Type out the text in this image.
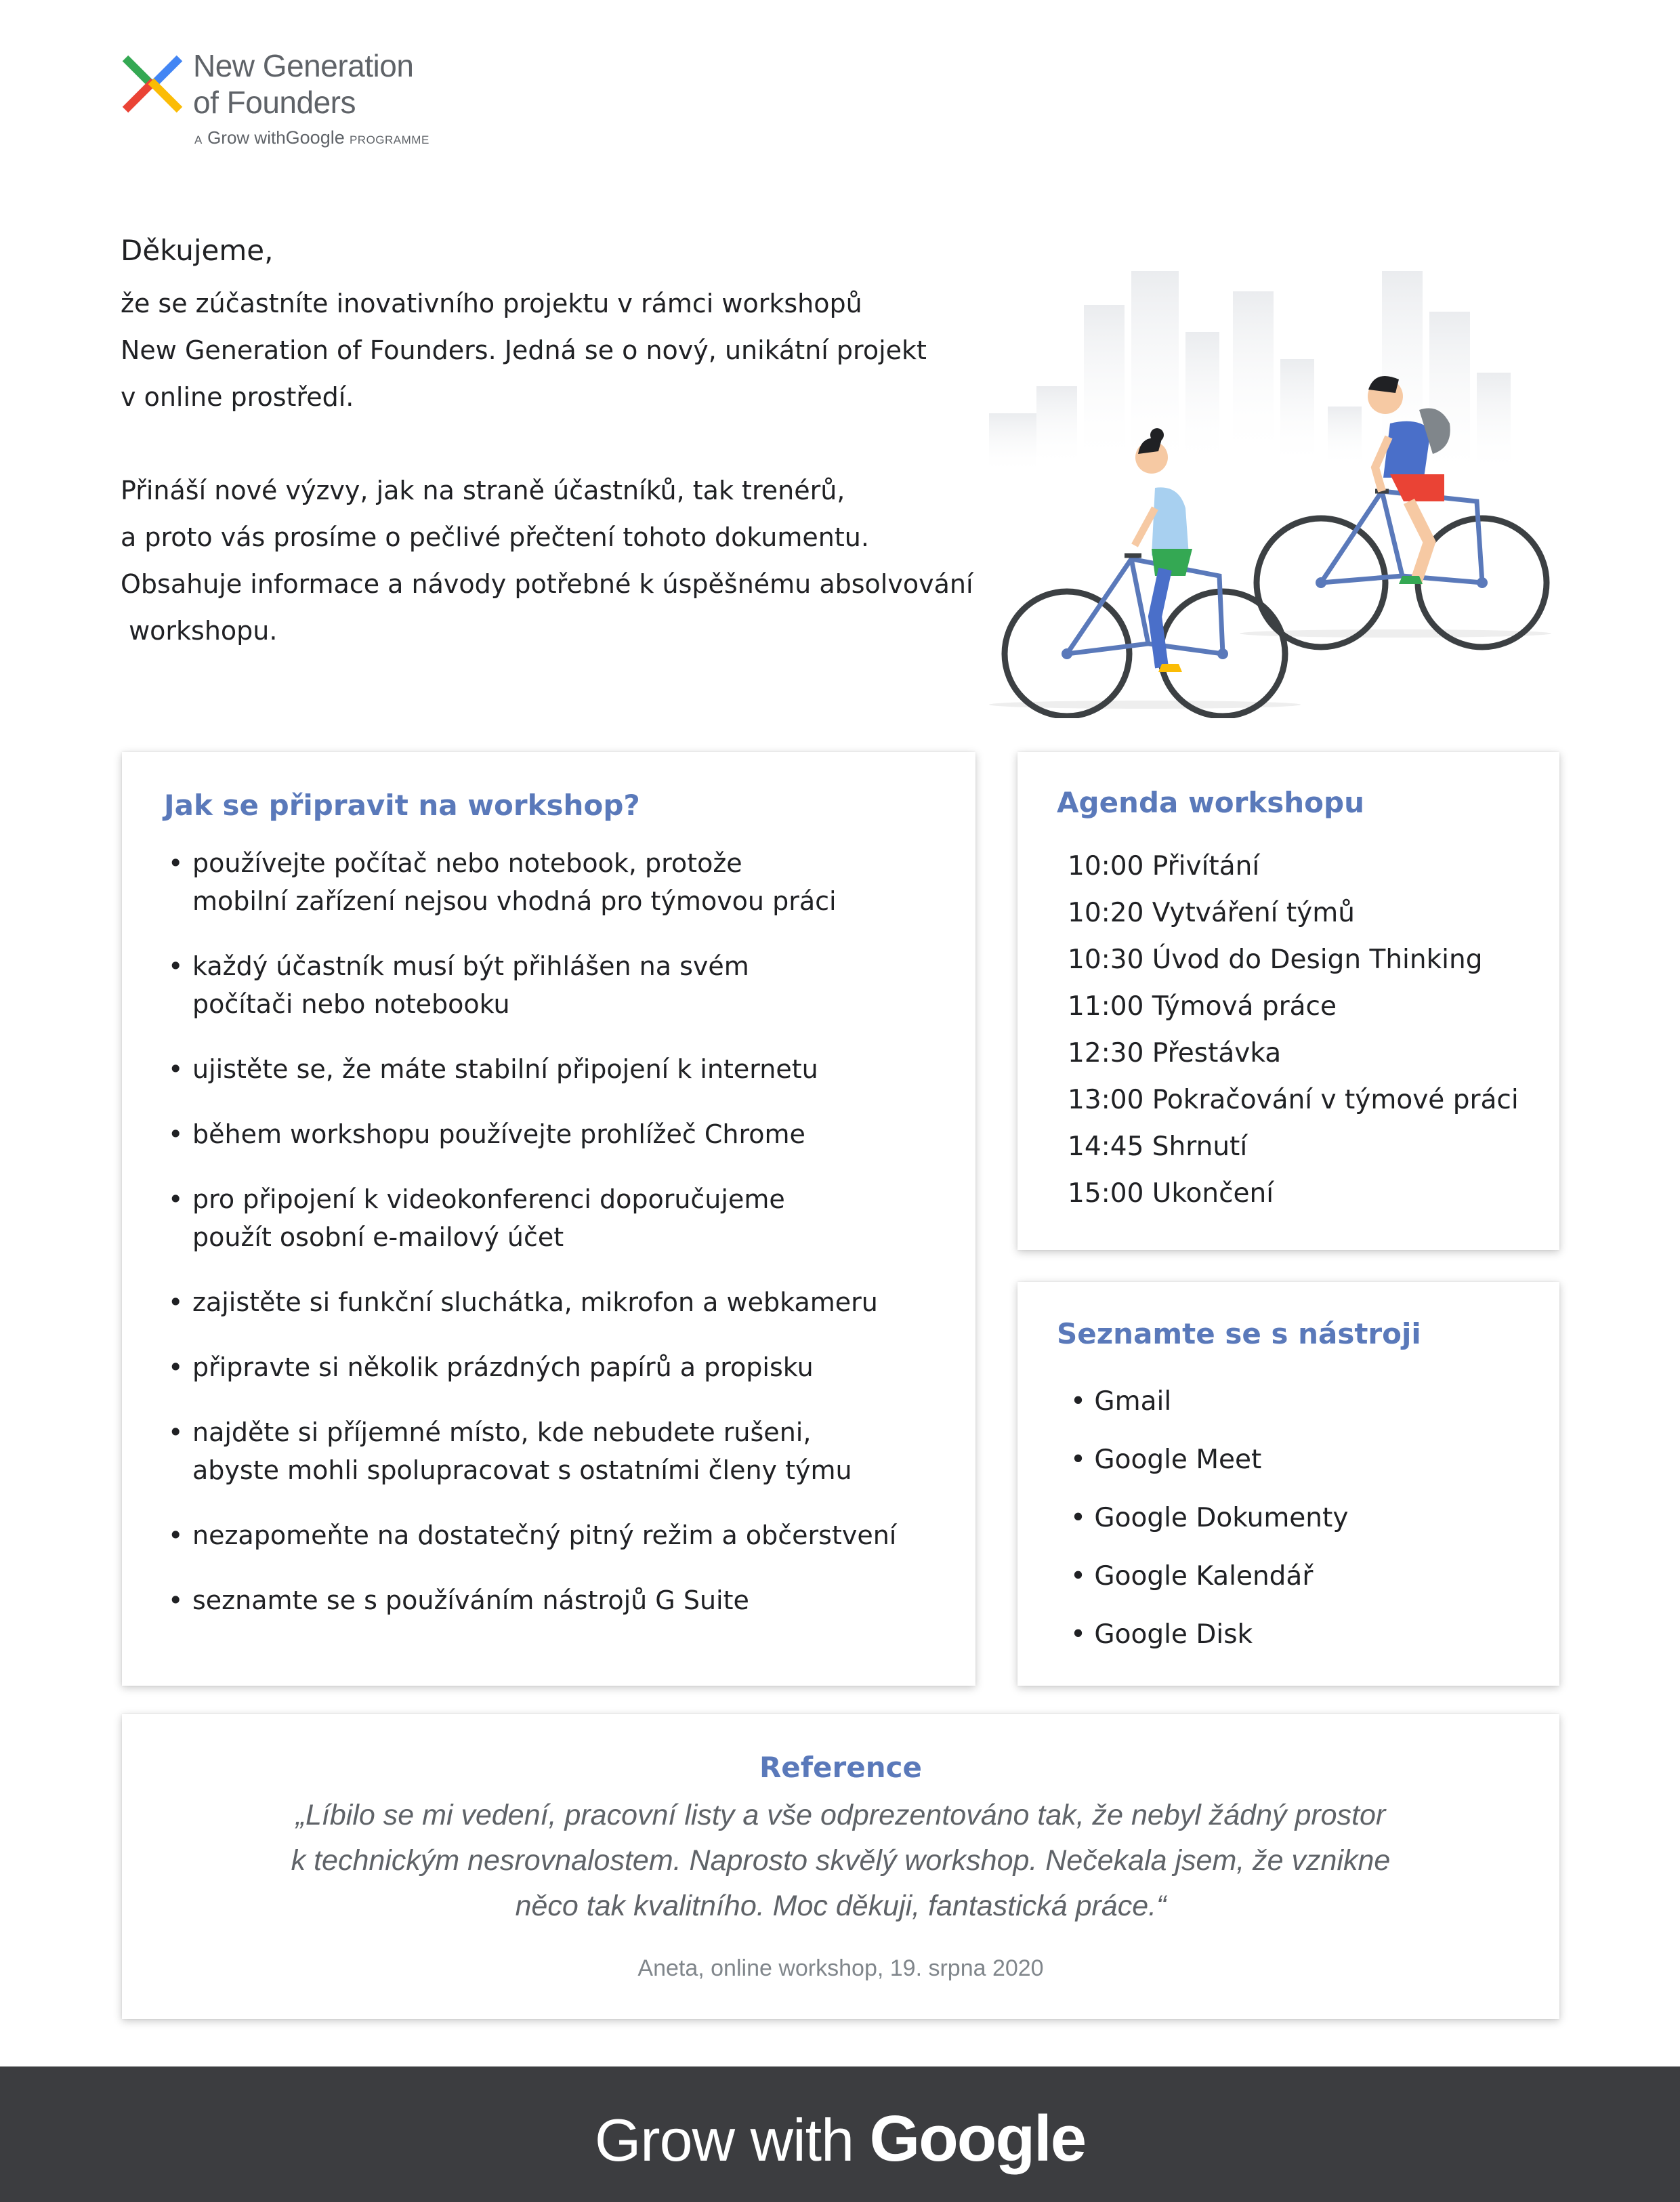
New Generation
of Founders
A Grow withGoogle PROGRAMME
Děkujeme,
že se zúčastníte inovativního projektu v rámci workshopů
New Generation of Founders. Jedná se o nový, unikátní projekt
v online prostředí.
Přináší nové výzvy, jak na straně účastníků, tak trenérů,
a proto vás prosíme o pečlivé přečtení tohoto dokumentu.
Obsahuje informace a návody potřebné k úspěšnému absolvování
workshopu.
Jak se připravit na workshop?
• používejte počítač nebo notebook, protože
mobilní zařízení nejsou vhodná pro týmovou práci
• každý účastník musí být přihlášen na svém
počítači nebo notebooku
• ujistěte se, že máte stabilní připojení k internetu
• během workshopu používejte prohlížeč Chrome
• pro připojení k videokonferenci doporučujeme
použít osobní e-mailový účet
• zajistěte si funkční sluchátka, mikrofon a webkameru
• připravte si několik prázdných papírů a propisku
• najděte si příjemné místo, kde nebudete rušeni,
abyste mohli spolupracovat s ostatními členy týmu
• nezapomeňte na dostatečný pitný režim a občerstvení
• seznamte se s používáním nástrojů G Suite
Agenda workshopu
10:00 Přivítání
10:20 Vytváření týmů
10:30 Úvod do Design Thinking
11:00 Týmová práce
12:30 Přestávka
13:00 Pokračování v týmové práci
14:45 Shrnutí
15:00 Ukončení
Seznamte se s nástroji
• Gmail
• Google Meet
• Google Dokumenty
• Google Kalendář
• Google Disk
Reference
„Líbilo se mi vedení, pracovní listy a vše odprezentováno tak, že nebyl žádný prostor
k technickým nesrovnalostem. Naprosto skvělý workshop. Nečekala jsem, že vznikne
něco tak kvalitního. Moc děkuji, fantastická práce.“
Aneta, online workshop, 19. srpna 2020
Grow with Google
